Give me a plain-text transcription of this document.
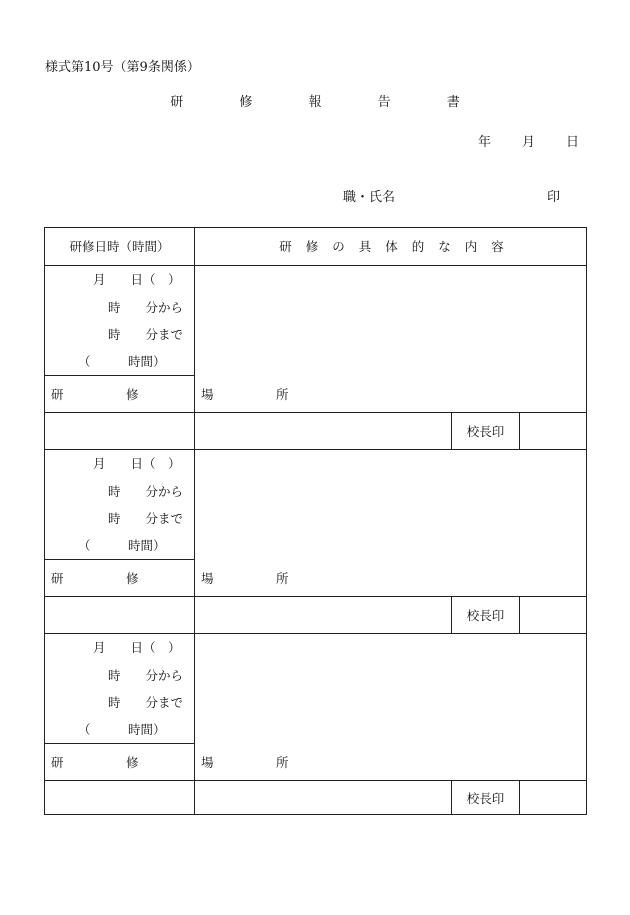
様式第10号（第9条関係）
研 修 報 告 書
年 月 日
職・氏名	印
研修日時（時間）	研修の具体的な内容
月　　日（　）
時　　分から
時　　分まで
（　　　時間）
研　修　場　所
校長印
月　　日（　）
時　　分から
時　　分まで
（　　　時間）
研　修　場　所
校長印
月　　日（　）
時　　分から
時　　分まで
（　　　時間）
研　修　場　所
校長印
